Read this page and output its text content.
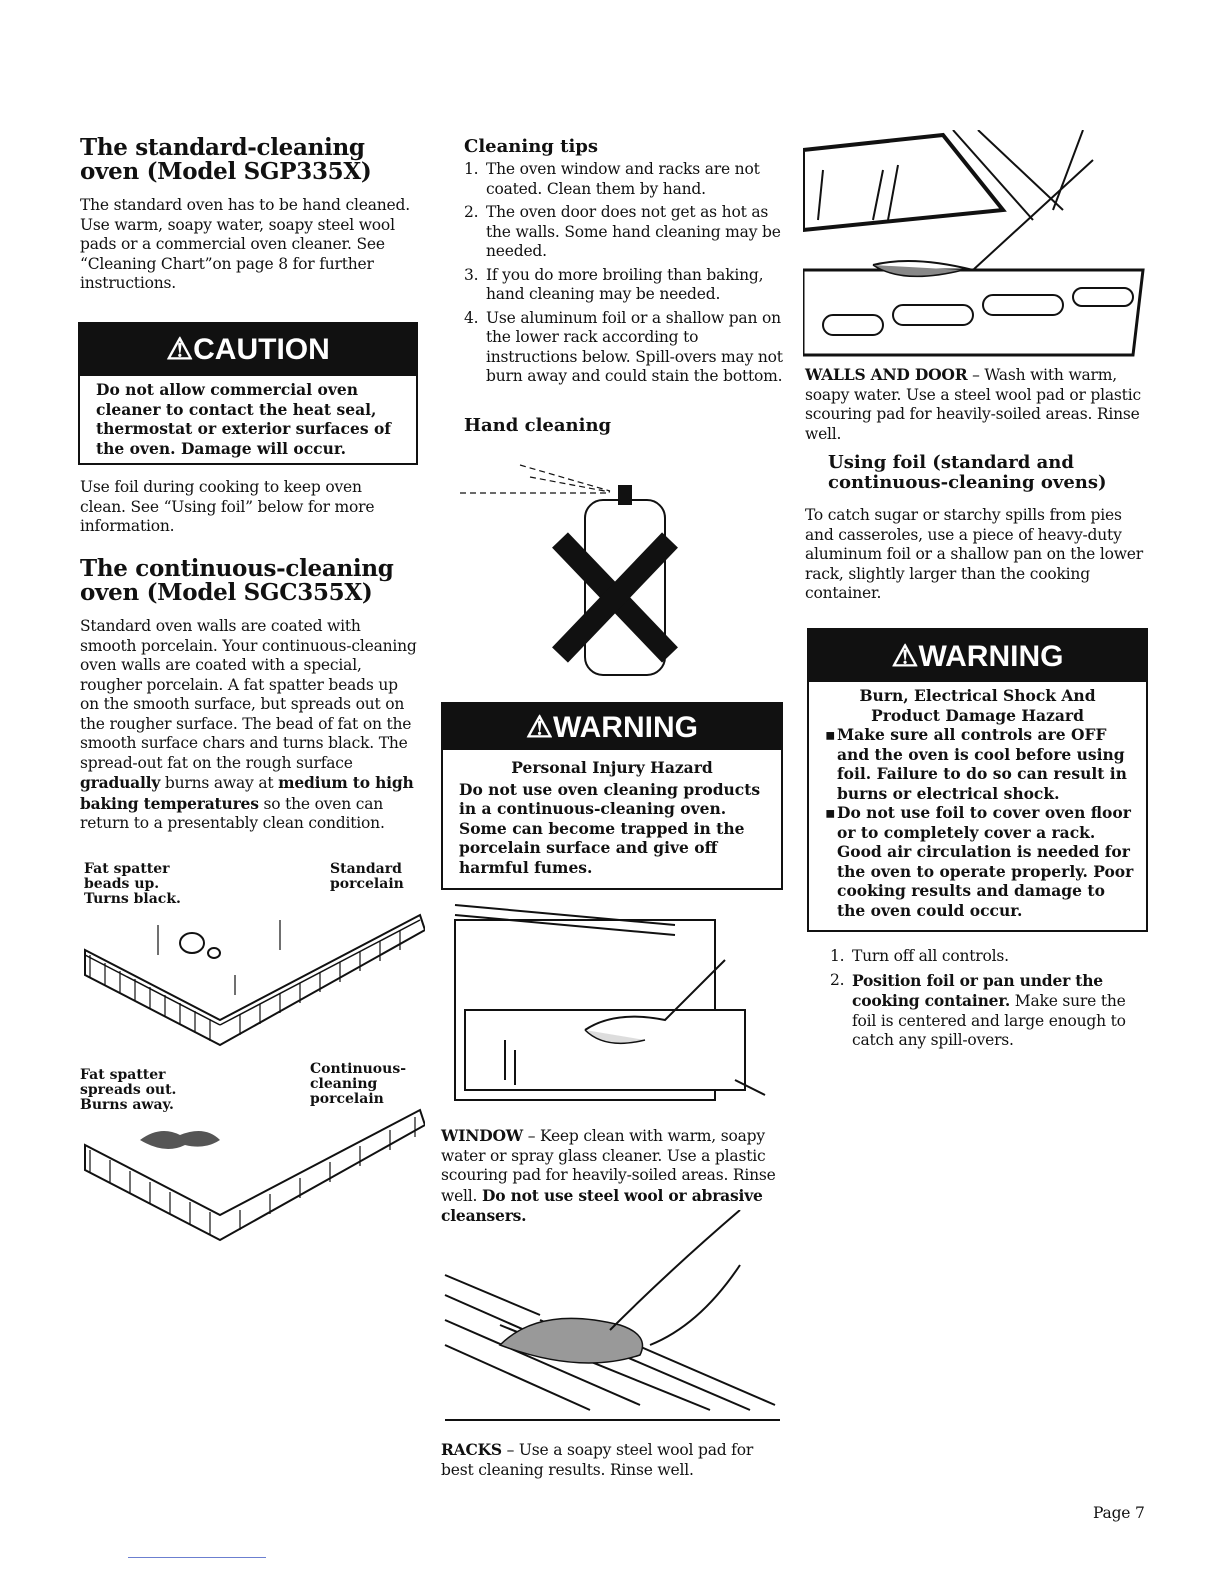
The standard-cleaning oven (Model SGP335X)
The standard oven has to be hand cleaned. Use warm, soapy water, soapy steel wool pads or a commercial oven cleaner. See “Cleaning Chart”on page 8 for further instructions.
⚠CAUTION
Do not allow commercial oven cleaner to contact the heat seal, thermostat or exterior surfaces of the oven. Damage will occur.
Use foil during cooking to keep oven clean. See “Using foil” below for more information.
The continuous-cleaning oven (Model SGC355X)
Standard oven walls are coated with smooth porcelain. Your continuous-cleaning oven walls are coated with a special, rougher porcelain. A fat spatter beads up on the smooth surface, but spreads out on the rougher surface. The bead of fat on the smooth surface chars and turns black. The spread-out fat on the rough surface gradually burns away at medium to high baking temperatures so the oven can return to a presentably clean condition.
Fat spatter beads up. Turns black.
Standard porcelain
Fat spatter spreads out. Burns away.
Continuous-cleaning porcelain
Cleaning tips
1. The oven window and racks are not coated. Clean them by hand.
2. The oven door does not get as hot as the walls. Some hand cleaning may be needed.
3. If you do more broiling than baking, hand cleaning may be needed.
4. Use aluminum foil or a shallow pan on the lower rack according to instructions below. Spill-overs may not burn away and could stain the bottom.
Hand cleaning
⚠WARNING
Personal Injury Hazard
Do not use oven cleaning products in a continuous-cleaning oven. Some can become trapped in the porcelain surface and give off harmful fumes.
WINDOW – Keep clean with warm, soapy water or spray glass cleaner. Use a plastic scouring pad for heavily-soiled areas. Rinse well. Do not use steel wool or abrasive cleansers.
RACKS – Use a soapy steel wool pad for best cleaning results. Rinse well.
WALLS AND DOOR – Wash with warm, soapy water. Use a steel wool pad or plastic scouring pad for heavily-soiled areas. Rinse well.
Using foil (standard and continuous-cleaning ovens)
To catch sugar or starchy spills from pies and casseroles, use a piece of heavy-duty aluminum foil or a shallow pan on the lower rack, slightly larger than the cooking container.
⚠WARNING
Burn, Electrical Shock And Product Damage Hazard
▪ Make sure all controls are OFF and the oven is cool before using foil. Failure to do so can result in burns or electrical shock.
▪ Do not use foil to cover oven floor or to completely cover a rack. Good air circulation is needed for the oven to operate properly. Poor cooking results and damage to the oven could occur.
1. Turn off all controls.
2. Position foil or pan under the cooking container. Make sure the foil is centered and large enough to catch any spill-overs.
Page 7
